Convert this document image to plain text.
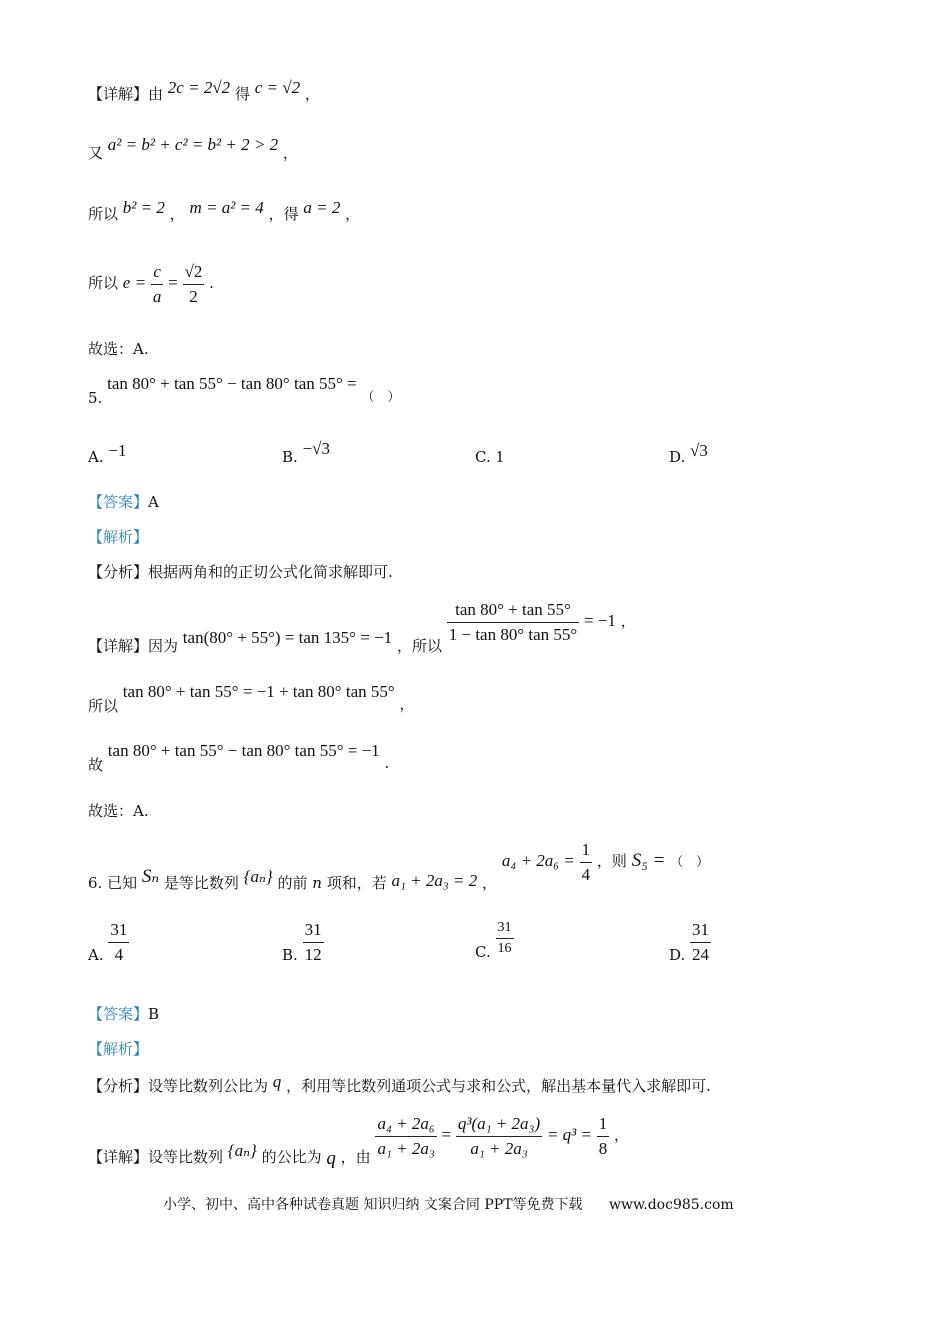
【详解】由 2c = 2√2 得 c = √2 ，
又 a² = b² + c² = b² + 2 > 2 ，
所以 b² = 2 ， m = a² = 4 ，得 a = 2 ，
所以 $e = \frac{c}{a} = \frac{√2}{2}$ .
故选：A.
5. tan 80° + tan 55° − tan 80° tan 55° = （　）
A. −1	B. −√3	C. 1	D. √3
【答案】A
【解析】
【分析】根据两角和的正切公式化简求解即可.
【详解】因为 tan(80° + 55°) = tan 135° = −1 ，所以
$\frac{\tan 80^\circ + \tan 55^\circ}{1 - \tan 80^\circ \tan 55^\circ} = -1$ ，
所以 tan 80° + tan 55° = −1 + tan 80° tan 55° ，
故 tan 80° + tan 55° − tan 80° tan 55° = −1 .
故选：A.
6. 已知 Sₙ 是等比数列 {aₙ} 的前 n 项和，若 a₁ + 2a₃ = 2 ， $a_4 + 2a_6 = \frac{1}{4}$ ，则 S₅ = （　）
A. $\frac{31}{4}$	B. $\frac{31}{12}$	C. $\frac{31}{16}$	D. $\frac{31}{24}$
【答案】B
【解析】
【分析】设等比数列公比为 q ，利用等比数列通项公式与求和公式，解出基本量代入求解即可.
【详解】设等比数列 {aₙ} 的公比为 q ，由 $\frac{\text{a₄ + 2a₆}}{\text{a₁ + 2a₃}} = \frac{\text{q³(a₁ + 2a₃)}}{\text{a₁ + 2a₃}} = q^3 = \frac{1}{8}$ ，
小学、初中、高中各种试卷真题 知识归纳 文案合同 PPT等免费下载 www.doc985.com
